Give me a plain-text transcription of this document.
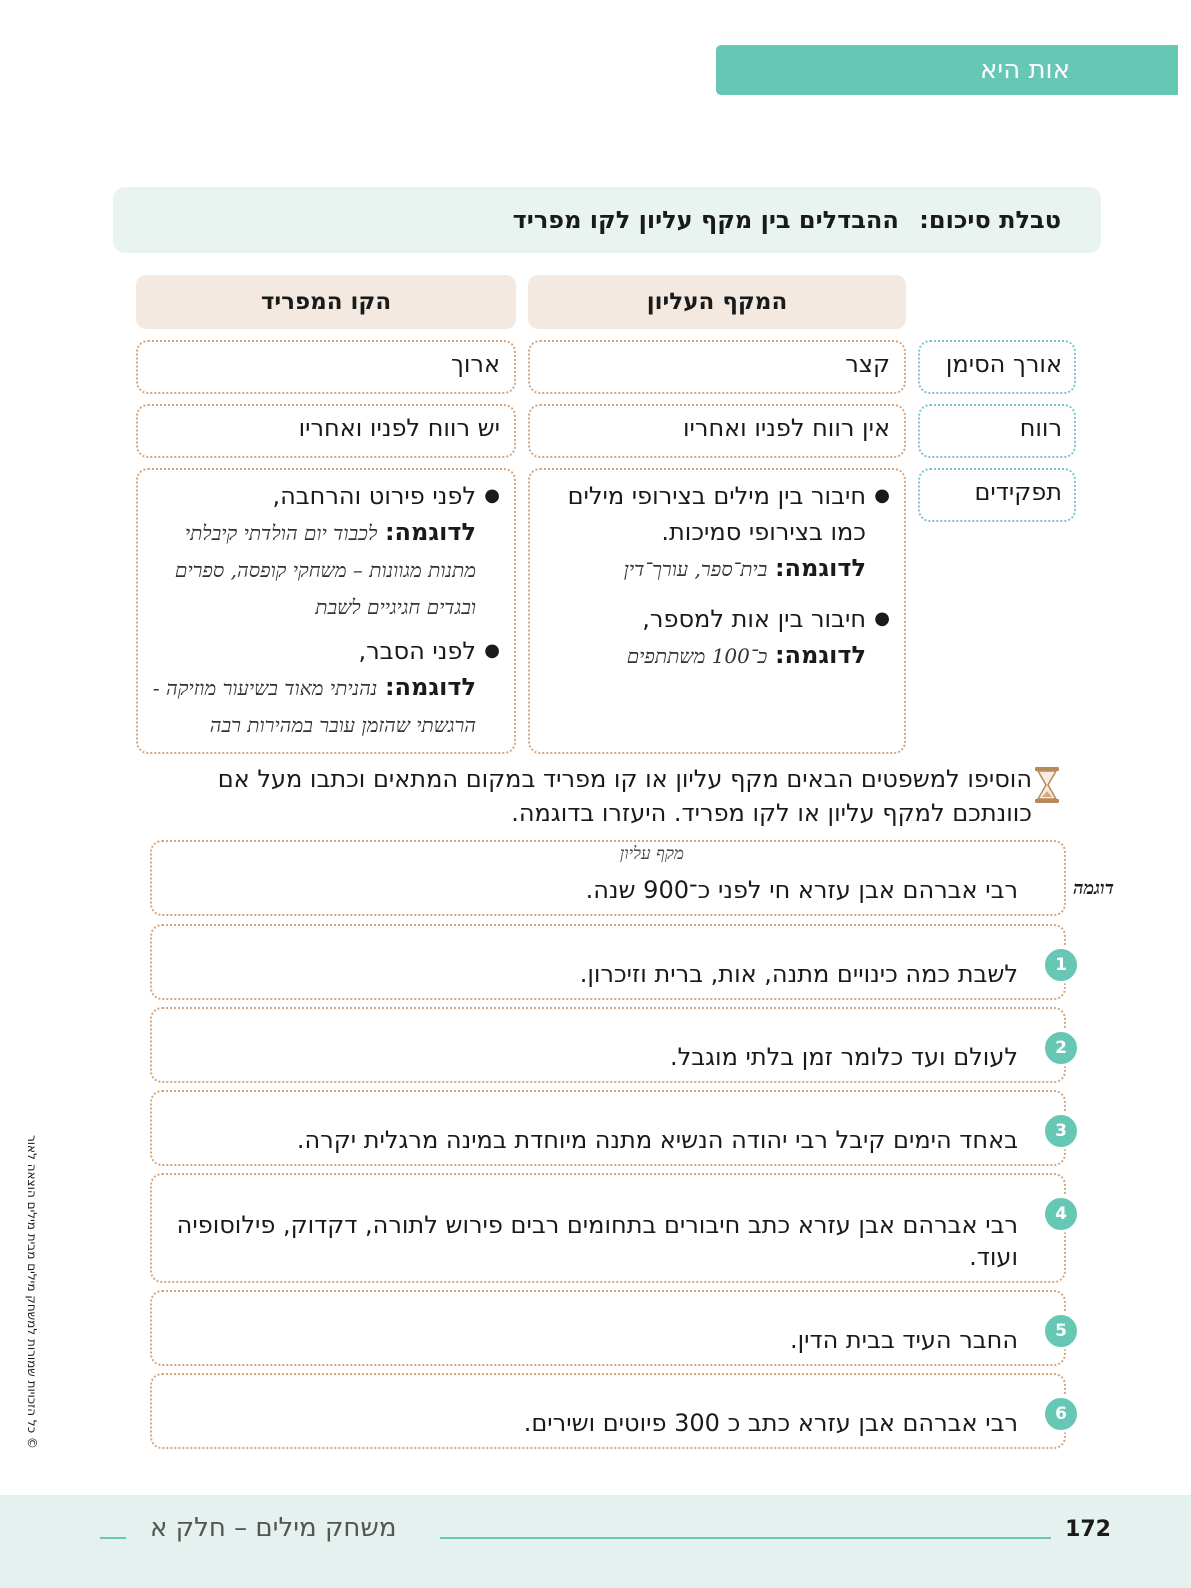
אות היא
טבלת סיכום: ההבדלים בין מקף עליון לקו מפריד
המקף העליון
הקו המפריד

אורך הסימן

קצר

ארוך

רווח

אין רווח לפניו ואחריו

יש רווח לפניו ואחריו

תפקידים

● חיבור בין מילים בצירופי מילים כמו בצירופי סמיכות.
לדוגמה: בית־ספר, עורך־דין
● חיבור בין אות למספר,
לדוגמה: כ־100 משתתפים
● לפני פירוט והרחבה,
לדוגמה: לכבוד יום הולדתי קיבלתי מתנות מגוונות – משחקי קופסה, ספרים ובגדים חגיגיים לשבת
● לפני הסבר,
לדוגמה: נהניתי מאוד בשיעור מוזיקה - הרגשתי שהזמן עובר במהירות רבה
הוסיפו למשפטים הבאים מקף עליון או קו מפריד במקום המתאים וכתבו מעל אם כוונתכם למקף עליון או לקו מפריד. היעזרו בדוגמה.
דוגמה
מקף עליון
רבי אברהם אבן עזרא חי לפני כ־900 שנה.
1
לשבת כמה כינויים מתנה, אות, ברית וזיכרון.
2
לעולם ועד כלומר זמן בלתי מוגבל.
3
באחד הימים קיבל רבי יהודה הנשיא מתנה מיוחדת במינה מרגלית יקרה.
4
רבי אברהם אבן עזרא כתב חיבורים בתחומים רבים פירוש לתורה, דקדוק, פילוסופיה ועוד.
5
החבר העיד בבית הדין.
6
רבי אברהם אבן עזרא כתב כ 300 פיוטים ושירים.
© כל הזכויות שמורות למשחק מילים מבית מילים הוצאה לאור
172
משחק מילים – חלק א
